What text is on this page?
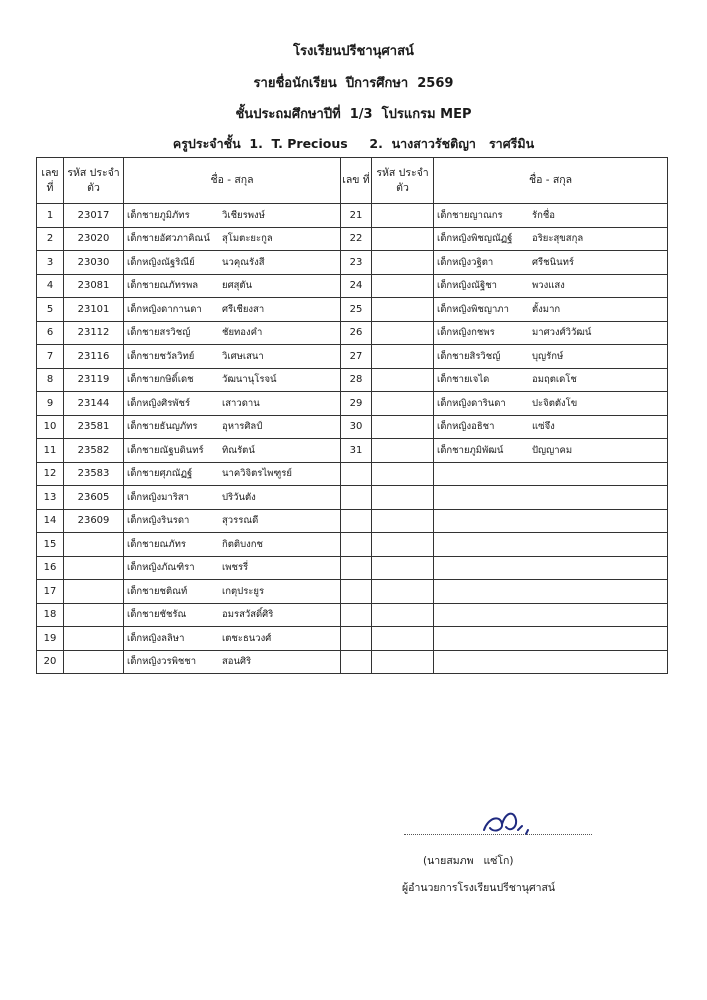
โรงเรียนปรีชานุศาสน์
รายชื่อนักเรียน  ปีการศึกษา  2569
ชั้นประถมศึกษาปีที่  1/3  โปรแกรม MEP
ครูประจำชั้น  1.  T. Precious     2.  นางสาวรัชติญา   ราศรีมิน
เลข ที่	รหัส ประจำตัว	ชื่อ - สกุล	เลข ที่	รหัส ประจำตัว	ชื่อ - สกุล
1	23017	เด็กชายภูมิภัทร วิเชียรพงษ์	21		เด็กชายญาณกร รักชื่อ
2	23020	เด็กชายอัศวภาคิณน์ สุโมตะยะกูล	22		เด็กหญิงพิชญณัฏฐ์ อริยะสุขสกุล
3	23030	เด็กหญิงณัฐริณีย์ นวคุณรังสี	23		เด็กหญิงวฐิตา ศรีชนินทร์
4	23081	เด็กชายณภัทรพล ยศสุตัน	24		เด็กหญิงณัฐิชา พวงแสง
5	23101	เด็กหญิงดากานดา ศรีเชียงสา	25		เด็กหญิงพิชญาภา ตั้งมาก
6	23112	เด็กชายสรวิชญ์ ชัยทองคำ	26		เด็กหญิงกชพร มาศวงศ์วิวัฒน์
7	23116	เด็กชายชวัลวิทย์ วิเศษเสนา	27		เด็กชายสิรวิชญ์ บุญรักษ์
8	23119	เด็กชายกษิดิ์เดช วัฒนานุโรจน์	28		เด็กชายเจได อมฤตเดโช
9	23144	เด็กหญิงศิรพัชร์ เสาวดาน	29		เด็กหญิงดารินดา ปะจิตตังโข
10	23581	เด็กชายธันญภัทร อุหารศิลป์	30		เด็กหญิงอธิชา แซ่จึง
11	23582	เด็กชายณัฐบดินทร์ ทิณรัตน์	31		เด็กชายภูมิพัฒน์ ปัญญาคม
12	23583	เด็กชายศุภณัฏฐ์ นาควิจิตรไพฑูรย์			
13	23605	เด็กหญิงมาริสา ปริวันตัง			
14	23609	เด็กหญิงรินรดา สุวรรณดี			
15		เด็กชายณภัทร กิตติบงกช			
16		เด็กหญิงภัณฑิรา เพชรรี่			
17		เด็กชายชติณท์ เกตุประยูร			
18		เด็กชายชัชรัณ อมรสวัสดิ์ศิริ			
19		เด็กหญิงลลิษา เตชะธนวงศ์			
20		เด็กหญิงวรพิชชา สอนศิริ			
(นายสมภพ   แซ่โก)
ผู้อำนวยการโรงเรียนปรีชานุศาสน์
